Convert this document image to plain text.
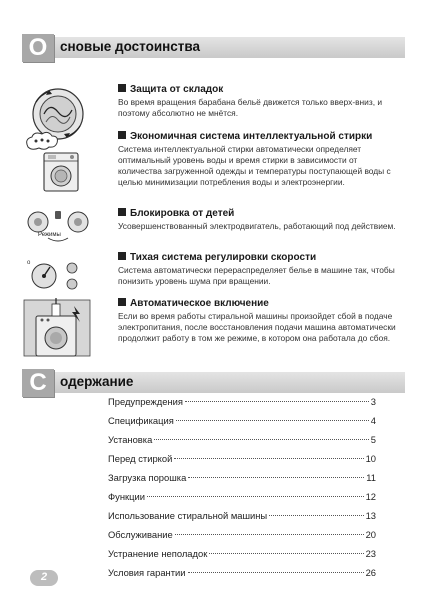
О сновые достоинства
Защита от складок
Во время вращения барабана бельё движется только вверх-вниз, и поэтому абсолютно не мнётся.
Экономичная система интеллектуальной стирки
Система интеллектуальной стирки автоматически определяет оптимальный уровень воды и время стирки в зависимости от количества загруженной одежды и температуры поступающей воды с целью минимизации потребления воды и электроэнергии.
Режимы
Блокировка от детей
Усовершенствованный электродвигатель, работающий под действием.
o	Тихая система регулировки скорости
Система автоматически перераспределяет белье в машине так, чтобы понизить уровень шума при вращении.
Автоматическое включение
Если во время работы стиральной машины произойдет сбой в подаче электропитания, после восстановления подачи машина автоматически продолжит работу в том же режиме, в котором она работала до сбоя.
С одержание
Предупреждения	3
Спецификация	4
Установка	5
Перед стиркой	10
Загрузка порошка	11
Функции	12
Использование стиральной машины	13
Обслуживание	20
Устранение неполадок	23
Условия гарантии	26
2
